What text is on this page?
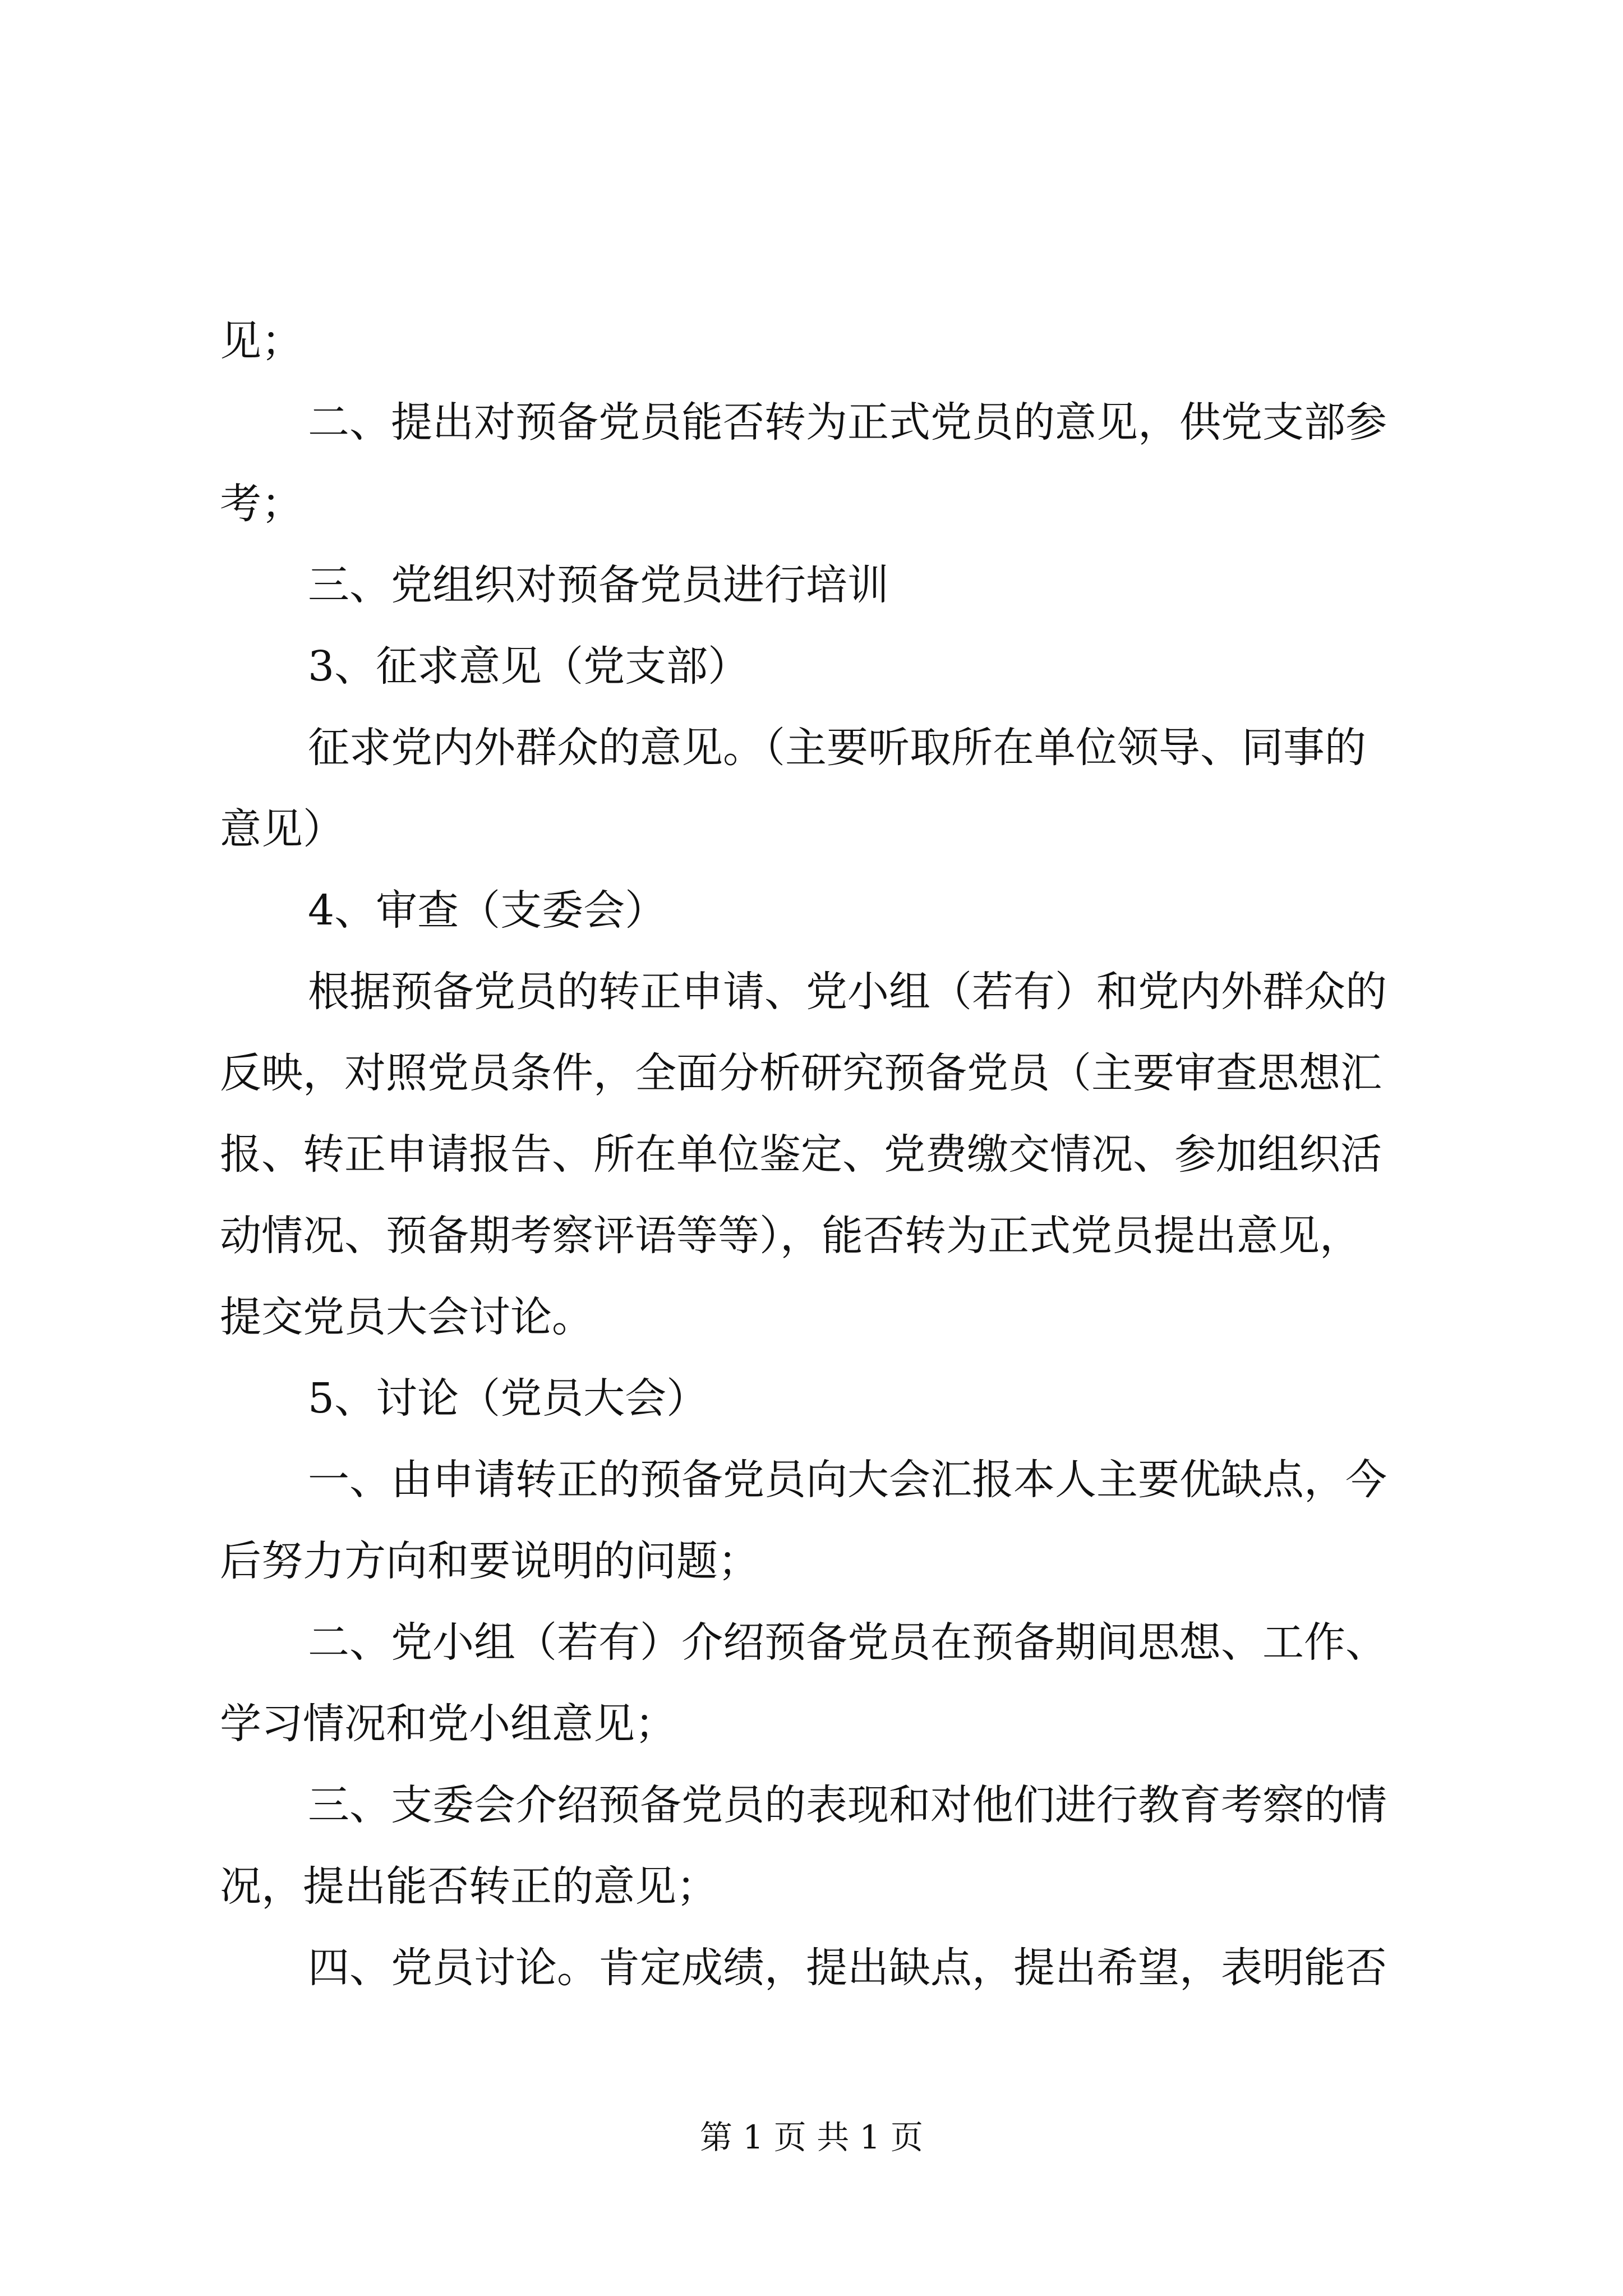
见；
二、提出对预备党员能否转为正式党员的意见，供党支部参
考；
三、党组织对预备党员进行培训
3、征求意见（党支部）
征求党内外群众的意见。（主要听取所在单位领导、同事的
意见）
4、审查（支委会）
根据预备党员的转正申请、党小组（若有）和党内外群众的
反映，对照党员条件，全面分析研究预备党员（主要审查思想汇
报、转正申请报告、所在单位鉴定、党费缴交情况、参加组织活
动情况、预备期考察评语等等），能否转为正式党员提出意见，
提交党员大会讨论。
5、讨论（党员大会）
一、由申请转正的预备党员向大会汇报本人主要优缺点，今
后努力方向和要说明的问题；
二、党小组（若有）介绍预备党员在预备期间思想、工作、
学习情况和党小组意见；
三、支委会介绍预备党员的表现和对他们进行教育考察的情
况，提出能否转正的意见；
四、党员讨论。肯定成绩，提出缺点，提出希望，表明能否
第 1 页 共 1 页
